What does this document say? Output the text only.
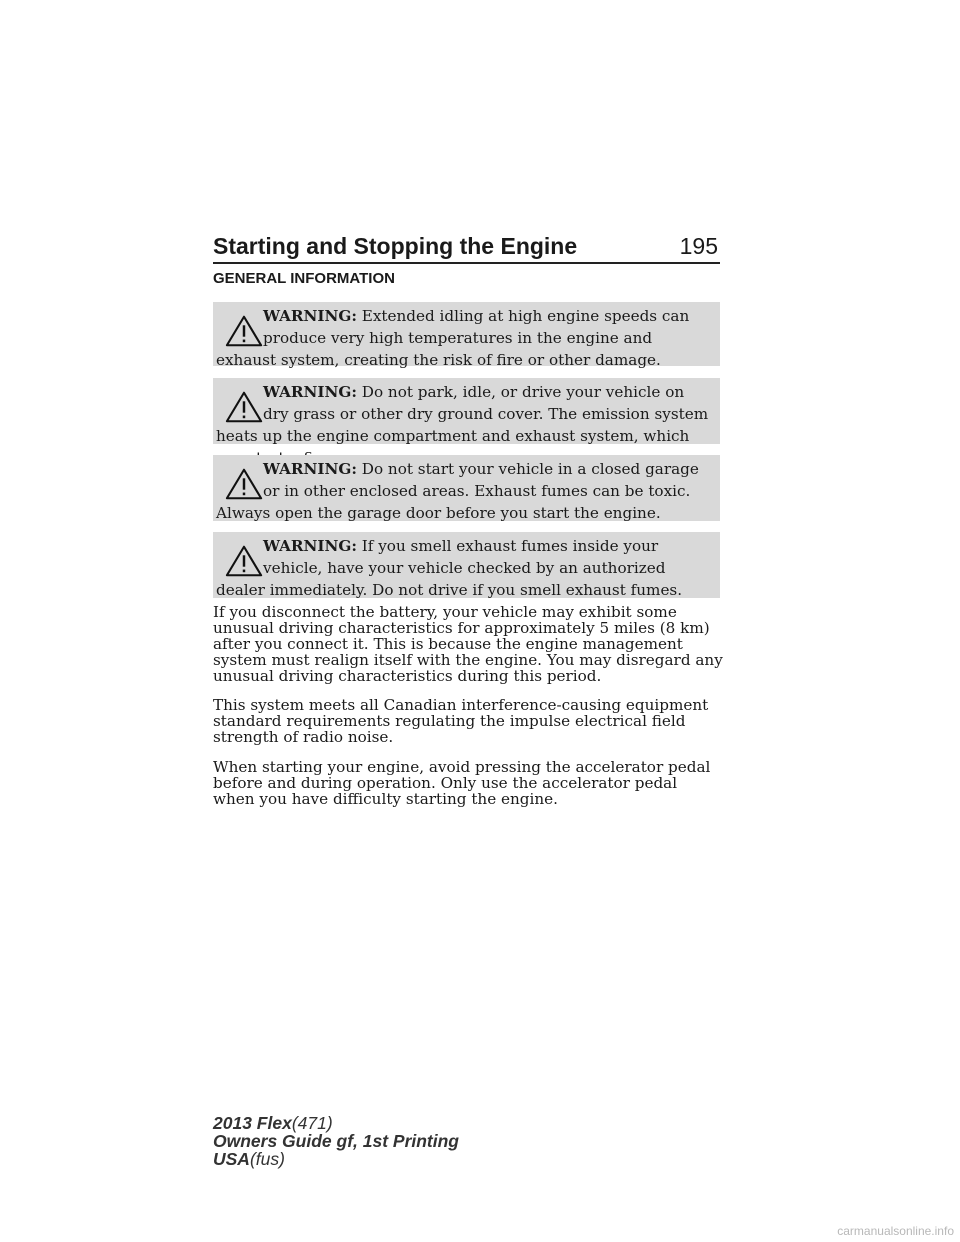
Starting and Stopping the Engine	195
GENERAL INFORMATION
WARNING: Extended idling at high engine speeds can produce very high temperatures in the engine and exhaust system, creating the risk of fire or other damage.
WARNING: Do not park, idle, or drive your vehicle on dry grass or other dry ground cover. The emission system heats up the engine compartment and exhaust system, which
WARNING: Do not start your vehicle in a closed garage or in other enclosed areas. Exhaust fumes can be toxic. Always open the garage door before you start the engine.
WARNING: If you smell exhaust fumes inside your vehicle, have your vehicle checked by an authorized dealer immediately. Do not drive if you smell exhaust fumes.

If you disconnect the battery, your vehicle may exhibit some unusual driving characteristics for approximately 5 miles (8 km) after you connect it. This is because the engine management system must realign itself with the engine. You may disregard any unusual driving characteristics during this period.

This system meets all Canadian interference-causing equipment standard requirements regulating the impulse electrical field strength of radio noise.

When starting your engine, avoid pressing the accelerator pedal before and during operation. Only use the accelerator pedal when you have difficulty starting the engine.

2013 Flex(471)
Owners Guide gf, 1st Printing
USA(fus)
carmanualsonline.info
